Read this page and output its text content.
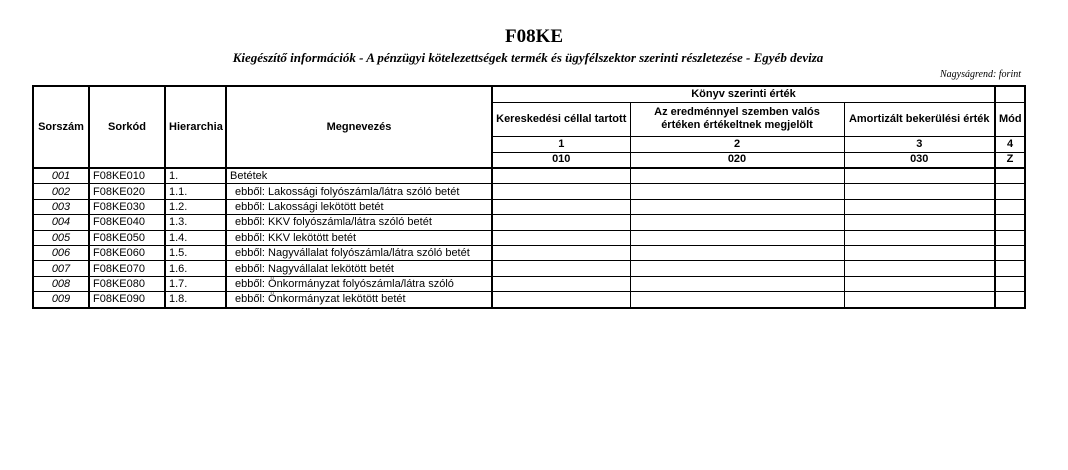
F08KE
Kiegészítő információk - A pénzügyi kötelezettségek termék és ügyfélszektor szerinti részletezése - Egyéb deviza
Nagyságrend: forint
Sorszám	Sorkód	Hierarchia	Megnevezés	Könyv szerinti érték			
				Kereskedési céllal tartott	Az eredménnyel szemben valós értéken értékeltnek megjelölt	Amortizált bekerülési érték	Mód
				1	2	3	4
				010	020	030	Z
001	F08KE010	1.	Betétek				
002	F08KE020	1.1.	ebből: Lakossági folyószámla/látra szóló betét				
003	F08KE030	1.2.	ebből: Lakossági lekötött betét				
004	F08KE040	1.3.	ebből: KKV folyószámla/látra szóló betét				
005	F08KE050	1.4.	ebből: KKV lekötött betét				
006	F08KE060	1.5.	ebből: Nagyvállalat folyószámla/látra szóló betét				
007	F08KE070	1.6.	ebből: Nagyvállalat lekötött betét				
008	F08KE080	1.7.	ebből: Önkormányzat folyószámla/látra szóló				
009	F08KE090	1.8.	ebből: Önkormányzat lekötött betét				
